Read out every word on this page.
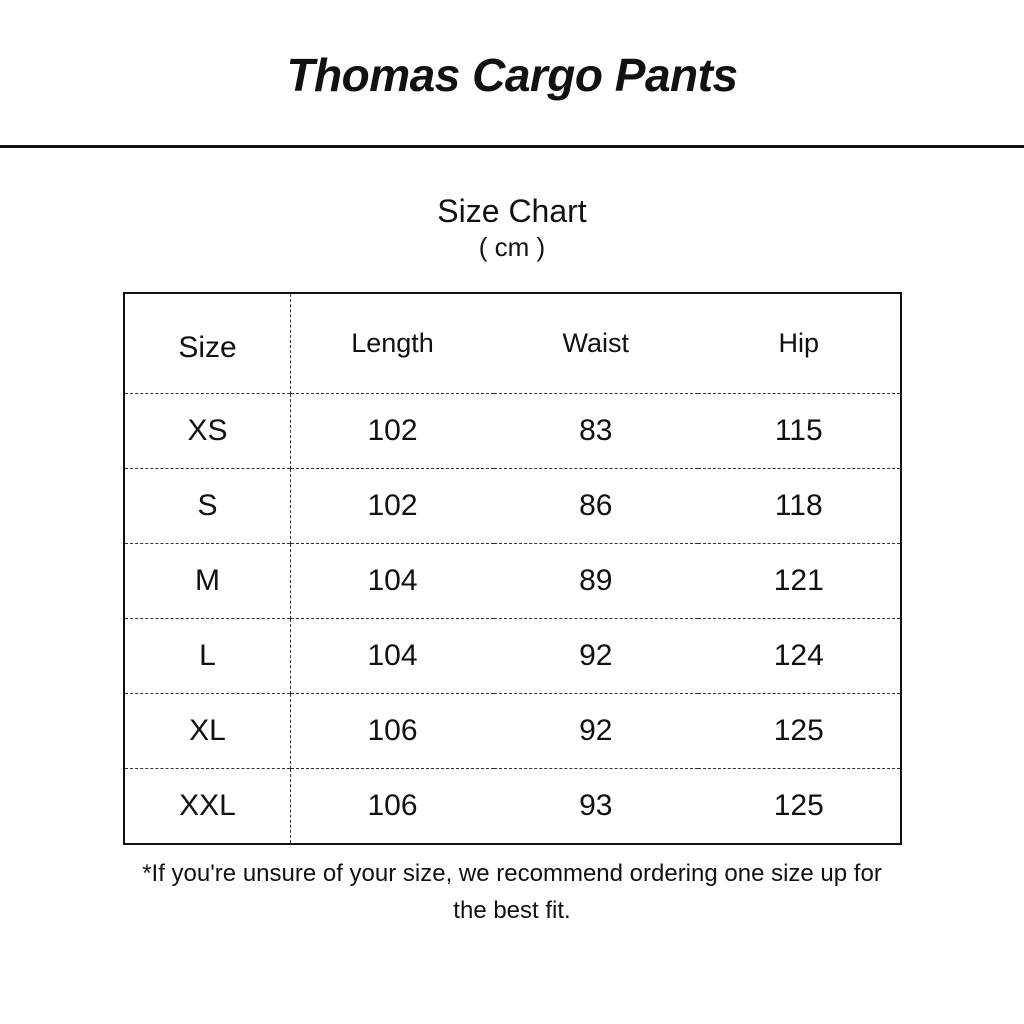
Thomas Cargo Pants
Size Chart
( cm )
Size	Length	Waist	Hip
XS	102	83	115
S	102	86	118
M	104	89	121
L	104	92	124
XL	106	92	125
XXL	106	93	125
*If you're unsure of your size, we recommend ordering one size up for
the best fit.
